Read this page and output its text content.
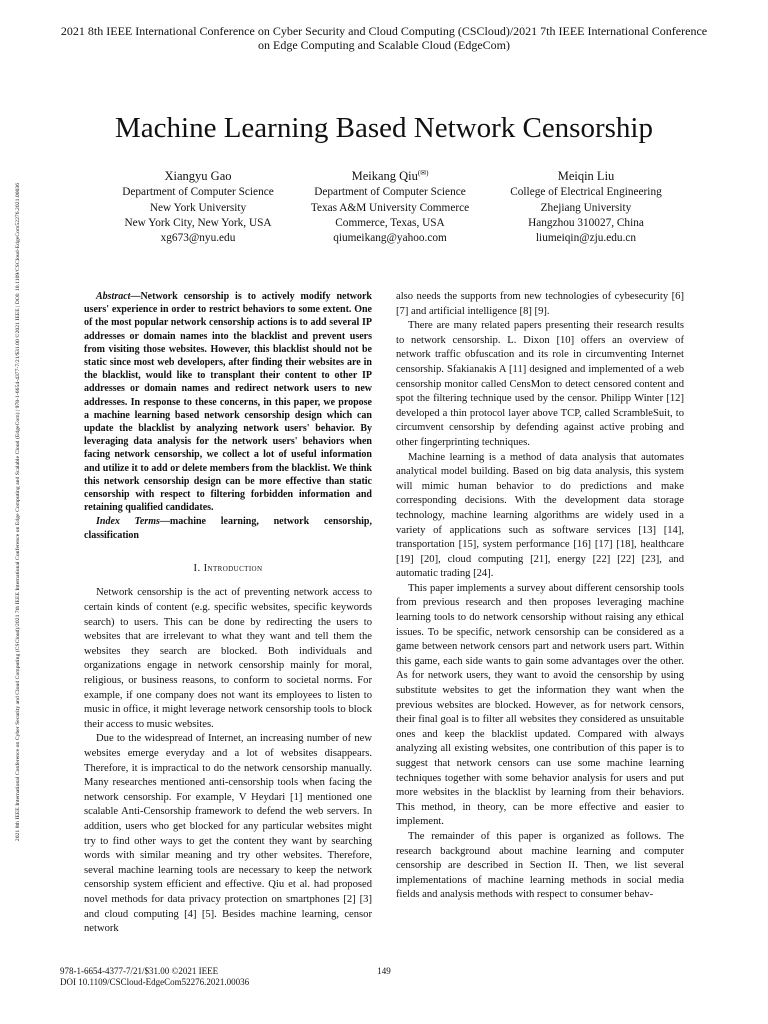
2021 8th IEEE International Conference on Cyber Security and Cloud Computing (CSCloud)/2021 7th IEEE International Conference on Edge Computing and Scalable Cloud (EdgeCom)
2021 8th IEEE International Conference on Cyber Security and Cloud Computing (CSCloud)/2021 7th IEEE International Conference on Edge Computing and Scalable Cloud (EdgeCom) | 978-1-6654-4377-7/21/$31.00 ©2021 IEEE | DOI: 10.1109/CSCloud-EdgeCom52276.2021.00036
Machine Learning Based Network Censorship
Xiangyu Gao
Department of Computer Science
New York University
New York City, New York, USA
xg673@nyu.edu
Meikang Qiu(✉)
Department of Computer Science
Texas A&M University Commerce
Commerce, Texas, USA
qiumeikang@yahoo.com
Meiqin Liu
College of Electrical Engineering
Zhejiang University
Hangzhou 310027, China
liumeiqin@zju.edu.cn

Abstract—Network censorship is to actively modify network users' experience in order to restrict behaviors to some extent. One of the most popular network censorship actions is to add several IP addresses or domain names into the blacklist and prevent users from visiting those websites. However, this blacklist should not be static since most web developers, after finding their websites are in the blacklist, would like to transplant their content to other IP addresses or domain names and redirect network users to new addresses. In response to these concerns, in this paper, we propose a machine learning based network censorship design which can update the blacklist by analyzing network users' behavior. By leveraging data analysis for the network users' behaviors when facing network censorship, we collect a lot of useful information and utilize it to add or delete members from the blacklist. We think this network censorship design can be more effective than static censorship with respect to filtering forbidden information and retaining qualified candidates.

Index Terms—machine learning, network censorship, classification

I. Introduction

Network censorship is the act of preventing network access to certain kinds of content (e.g. specific websites, specific keywords search) to users. This can be done by redirecting the users to websites that are irrelevant to what they want and tell them the websites they search are blocked. Both individuals and organizations engage in network censorship mainly for moral, religious, or business reasons, to conform to societal norms. For example, if one company does not want its employees to listen to music in office, it might leverage network censorship tools to block their access to music websites.

Due to the widespread of Internet, an increasing number of new websites emerge everyday and a lot of websites disappears. Therefore, it is impractical to do the network censorship manually. Many researches mentioned anti-censorship tools when facing the network censorship. For example, V Heydari [1] mentioned one scalable Anti-Censorship framework to defend the web servers. In addition, users who get blocked for any particular websites might try to find other ways to get the content they want by searching words with similar meaning and try other websites. Therefore, several machine learning tools are necessary to keep the network censorship system efficient and effective. Qiu et al. had proposed novel methods for data privacy protection on smartphones [2] [3] and cloud computing [4] [5]. Besides machine learning, censor network

also needs the supports from new technologies of cybesecurity [6] [7] and artificial intelligence [8] [9].

There are many related papers presenting their research results to network censorship. L. Dixon [10] offers an overview of network traffic obfuscation and its role in circumventing Internet censorship. Sfakianakis A [11] designed and implemented of a web censorship monitor called CensMon to detect censored content and spot the filtering technique used by the censor. Philipp Winter [12] developed a thin protocol layer above TCP, called ScrambleSuit, to circumvent censorship by defending against active probing and other fingerprinting techniques.

Machine learning is a method of data analysis that automates analytical model building. Based on big data analysis, this system will mimic human behavior to do predictions and make corresponding decisions. With the development data storage technology, machine learning algorithms are widely used in a variety of applications such as software services [13] [14], transportation [15], system performance [16] [17] [18], healthcare [19] [20], cloud computing [21], energy [22] [22] [23], and automatic trading [24].

This paper implements a survey about different censorship tools from previous research and then proposes leveraging machine learning tools to do network censorship without raising any ethical issues. To be specific, network censorship can be considered as a game between network censors part and network users part. Within this game, each side wants to gain some advantages over the other. As for network users, they want to avoid the censorship by using substitute websites to get the information they want when the previous websites are blocked. However, as for network censors, their final goal is to filter all websites they considered as unsuitable ones and keep the blacklist updated. Compared with always analyzing all existing websites, one contribution of this paper is to suggest that network censors can use some machine learning techniques together with some behavior analysis for users and put more websites in the blacklist by learning from their behaviors. This method, in theory, can be more effective and easier to implement.

The remainder of this paper is organized as follows. The research background about machine learning and computer censorship are described in Section II. Then, we list several implementations of machine learning methods in social media fields and analysis methods with respect to consumer behav-

978-1-6654-4377-7/21/$31.00 ©2021 IEEE
DOI 10.1109/CSCloud-EdgeCom52276.2021.00036
149
